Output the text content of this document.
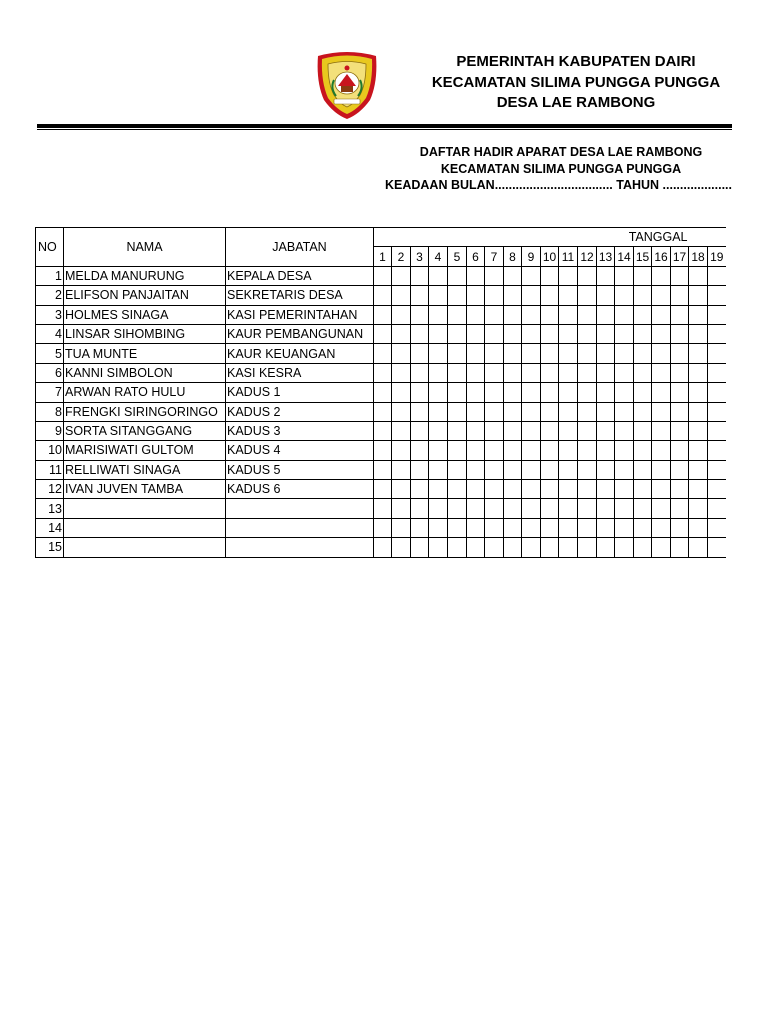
PEMERINTAH KABUPATEN DAIRI
KECAMATAN SILIMA PUNGGA PUNGGA
DESA LAE RAMBONG
DAFTAR HADIR APARAT DESA LAE RAMBONG
KECAMATAN SILIMA PUNGGA PUNGGA
KEADAAN BULAN.................................. TAHUN ....................
NO	NAMA	JABATAN	TANGGAL																		
			1	2	3	4	5	6	7	8	9	10	11	12	13	14	15	16	17	18	19
1	MELDA MANURUNG	KEPALA DESA																			
2	ELIFSON PANJAITAN	SEKRETARIS DESA																			
3	HOLMES SINAGA	KASI PEMERINTAHAN																			
4	LINSAR SIHOMBING	KAUR PEMBANGUNAN																			
5	TUA MUNTE	KAUR KEUANGAN																			
6	KANNI SIMBOLON	KASI KESRA																			
7	ARWAN RATO HULU	KADUS 1																			
8	FRENGKI SIRINGORINGO	KADUS 2																			
9	SORTA SITANGGANG	KADUS 3																			
10	MARISIWATI GULTOM	KADUS 4																			
11	RELLIWATI SINAGA	KADUS 5																			
12	IVAN JUVEN TAMBA	KADUS 6																			
13																					
14																					
15																					
